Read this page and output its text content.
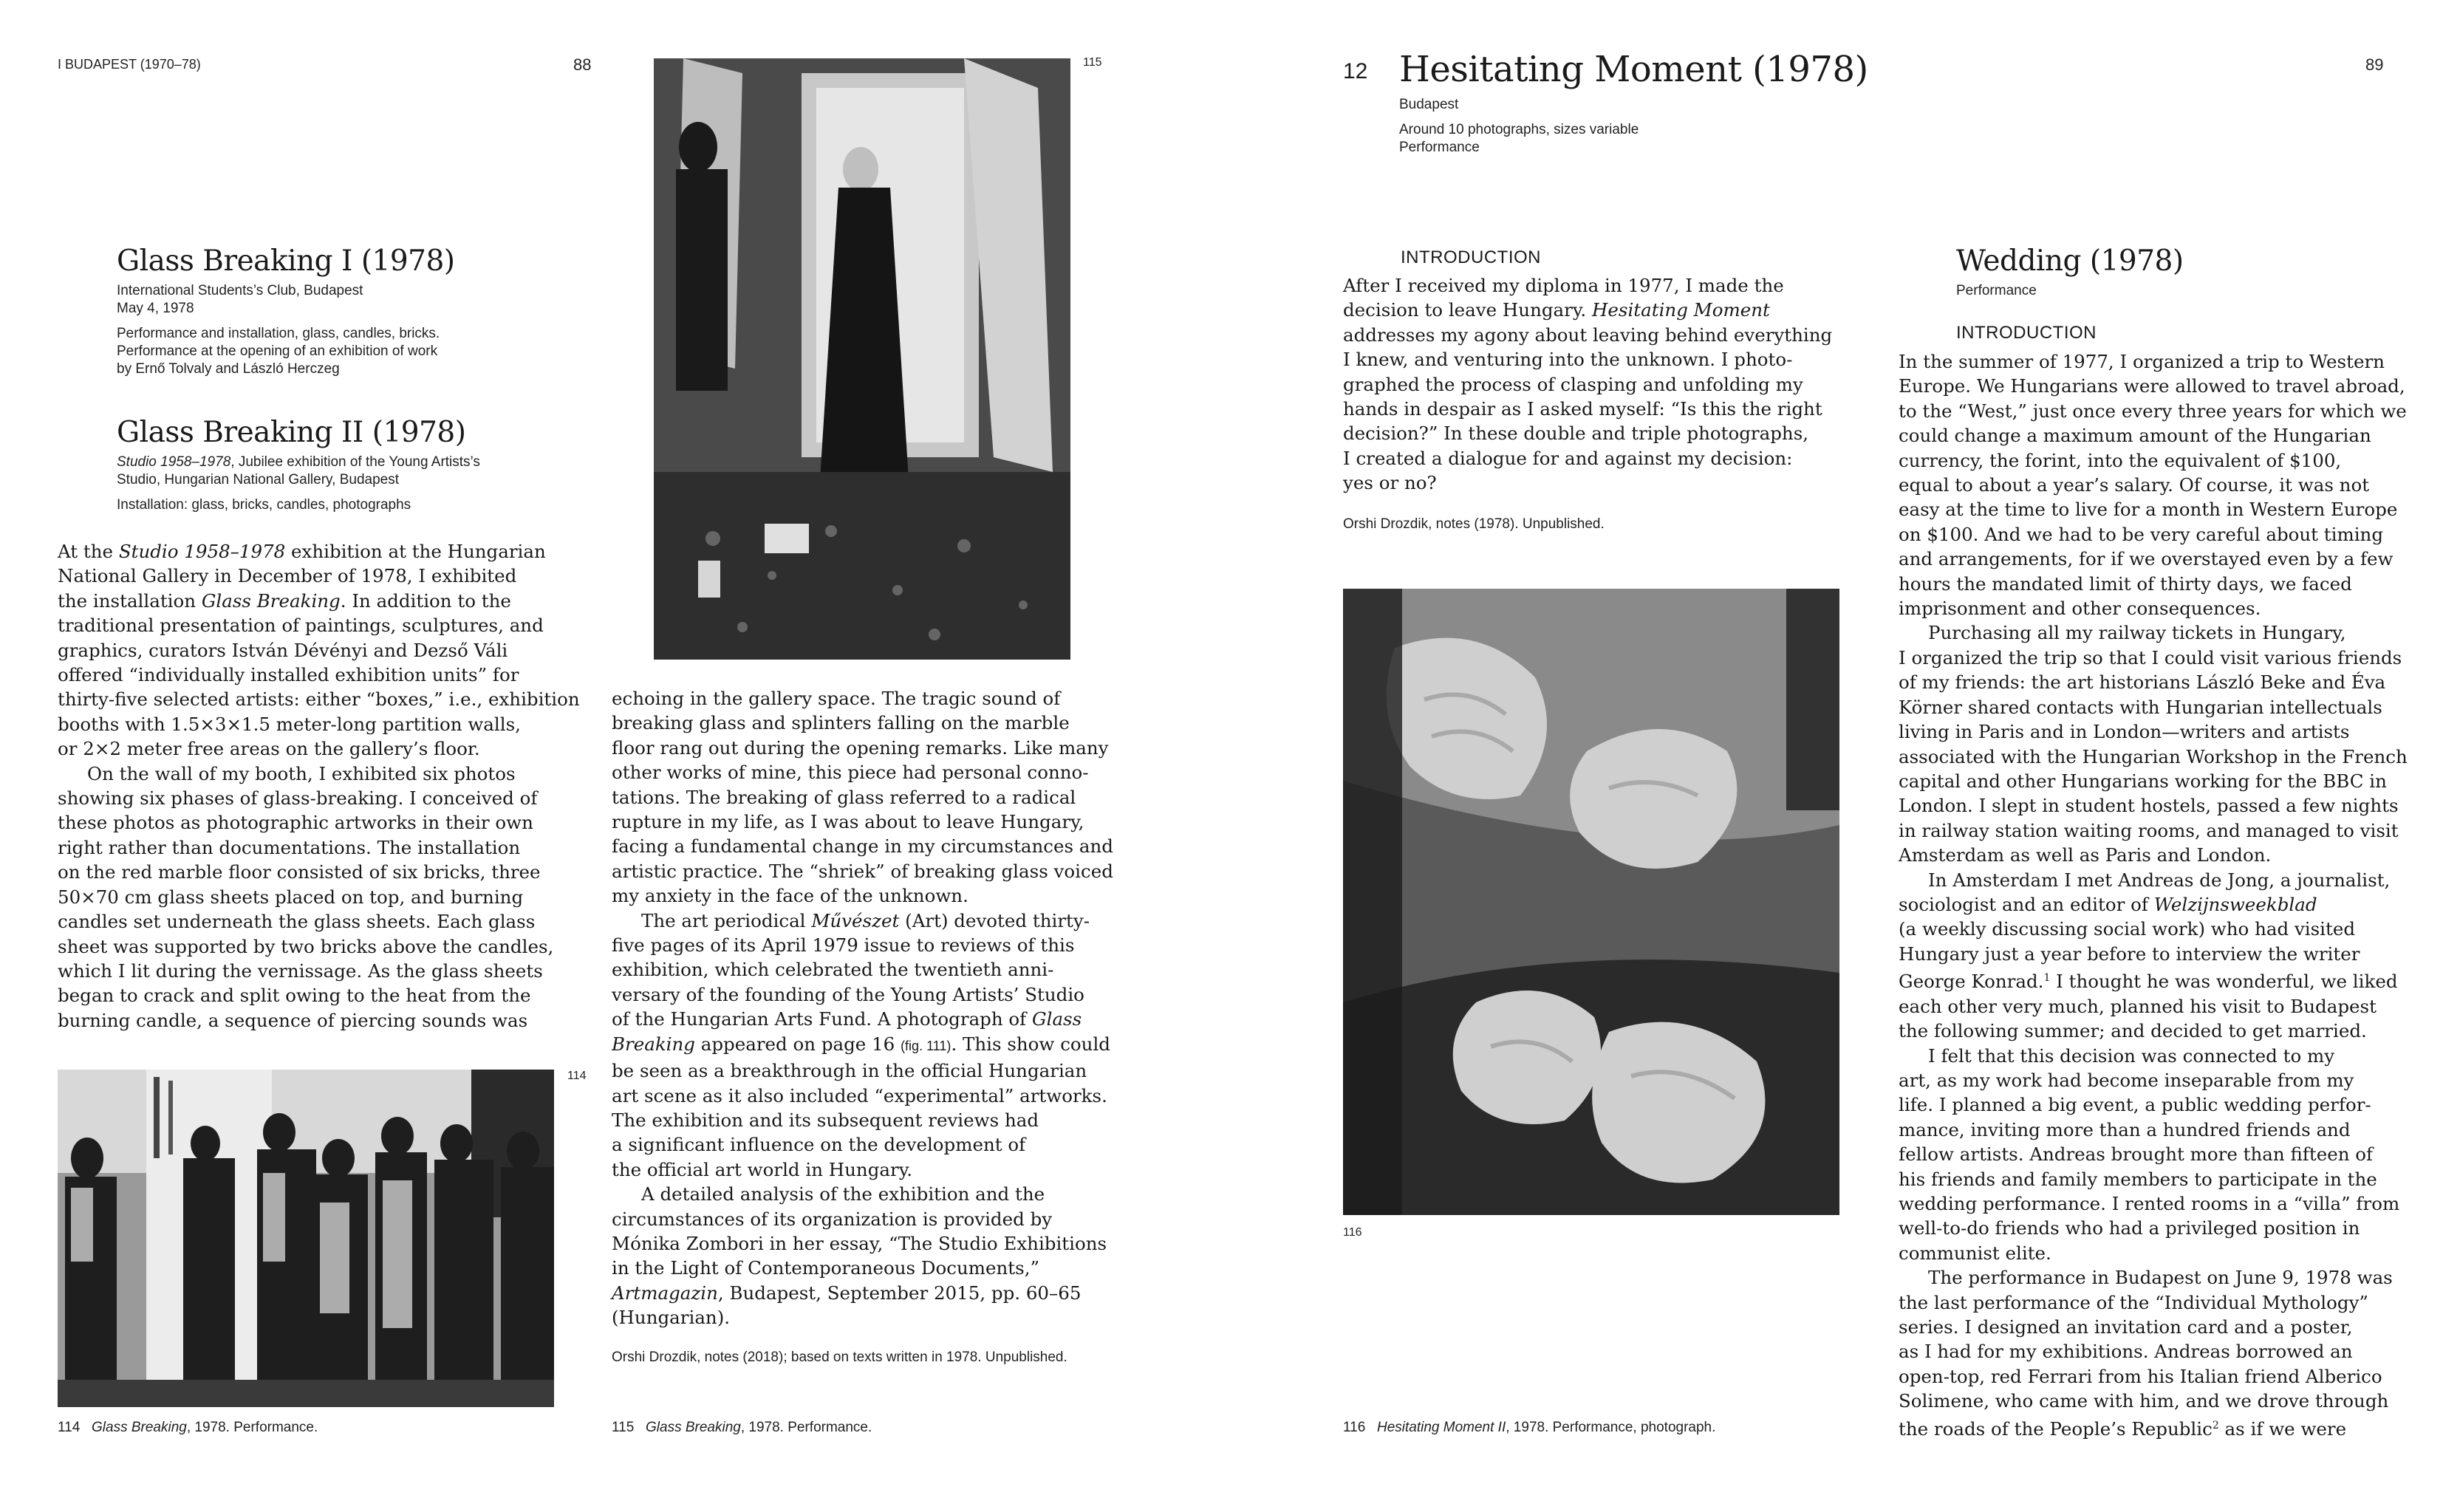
I BUDAPEST (1970–78)	88
Glass Breaking I (1978)

International Students’s Club, Budapest

May 4, 1978

Performance and installation, glass, candles, bricks.

Performance at the opening of an exhibition of work

by Ernő Tolvaly and László Herczeg

Glass Breaking II (1978)

Studio 1958–1978, Jubilee exhibition of the Young Artists’s

Studio, Hungarian National Gallery, Budapest

Installation: glass, bricks, candles, photographs

At the Studio 1958–1978 exhibition at the Hungarian
National Gallery in December of 1978, I exhibited
the installation Glass Breaking. In addition to the
traditional presentation of paintings, sculptures, and
graphics, curators István Dévényi and Dezső Váli
offered “individually installed exhibition units” for
thirty-five selected artists: either “boxes,” i.e., exhibition
booths with 1.5×3×1.5 meter-long partition walls,
or 2×2 meter free areas on the gallery’s floor.
On the wall of my booth, I exhibited six photos
showing six phases of glass-breaking. I conceived of
these photos as photographic artworks in their own
right rather than documentations. The installation
on the red marble floor consisted of six bricks, three
50×70 cm glass sheets placed on top, and burning
candles set underneath the glass sheets. Each glass
sheet was supported by two bricks above the candles,
which I lit during the vernissage. As the glass sheets
began to crack and split owing to the heat from the
burning candle, a sequence of piercing sounds was
114
114 Glass Breaking, 1978. Performance.
115
echoing in the gallery space. The tragic sound of
breaking glass and splinters falling on the marble
floor rang out during the opening remarks. Like many
other works of mine, this piece had personal conno-
tations. The breaking of glass referred to a radical
rupture in my life, as I was about to leave Hungary,
facing a fundamental change in my circumstances and
artistic practice. The “shriek” of breaking glass voiced
my anxiety in the face of the unknown.
The art periodical Művészet (Art) devoted thirty-
five pages of its April 1979 issue to reviews of this
exhibition, which celebrated the twentieth anni-
versary of the founding of the Young Artists’ Studio
of the Hungarian Arts Fund. A photograph of Glass
Breaking appeared on page 16 (fig. 111). This show could
be seen as a breakthrough in the official Hungarian
art scene as it also included “experimental” artworks.
The exhibition and its subsequent reviews had
a significant influence on the development of
the official art world in Hungary.
A detailed analysis of the exhibition and the
circumstances of its organization is provided by
Mónika Zombori in her essay, “The Studio Exhibitions
in the Light of Contemporaneous Documents,”
Artmagazin, Budapest, September 2015, pp. 60–65
(Hungarian).
Orshi Drozdik, notes (2018); based on texts written in 1978. Unpublished.
115 Glass Breaking, 1978. Performance.
89
12 Hesitating Moment (1978)

Budapest

Around 10 photographs, sizes variable

Performance

INTRODUCTION
After I received my diploma in 1977, I made the
decision to leave Hungary. Hesitating Moment
addresses my agony about leaving behind everything
I knew, and venturing into the unknown. I photo-
graphed the process of clasping and unfolding my
hands in despair as I asked myself: “Is this the right
decision?” In these double and triple photographs,
I created a dialogue for and against my decision:
yes or no?
Orshi Drozdik, notes (1978). Unpublished.
116
116 Hesitating Moment II, 1978. Performance, photograph.
Wedding (1978)

Performance

INTRODUCTION
In the summer of 1977, I organized a trip to Western
Europe. We Hungarians were allowed to travel abroad,
to the “West,” just once every three years for which we
could change a maximum amount of the Hungarian
currency, the forint, into the equivalent of $100,
equal to about a year’s salary. Of course, it was not
easy at the time to live for a month in Western Europe
on $100. And we had to be very careful about timing
and arrangements, for if we overstayed even by a few
hours the mandated limit of thirty days, we faced
imprisonment and other consequences.
Purchasing all my railway tickets in Hungary,
I organized the trip so that I could visit various friends
of my friends: the art historians László Beke and Éva
Körner shared contacts with Hungarian intellectuals
living in Paris and in London—writers and artists
associated with the Hungarian Workshop in the French
capital and other Hungarians working for the BBC in
London. I slept in student hostels, passed a few nights
in railway station waiting rooms, and managed to visit
Amsterdam as well as Paris and London.
In Amsterdam I met Andreas de Jong, a journalist,
sociologist and an editor of Welzijnsweekblad
(a weekly discussing social work) who had visited
Hungary just a year before to interview the writer
George Konrad.$^1$ I thought he was wonderful, we liked
each other very much, planned his visit to Budapest
the following summer; and decided to get married.
I felt that this decision was connected to my
art, as my work had become inseparable from my
life. I planned a big event, a public wedding perfor-
mance, inviting more than a hundred friends and
fellow artists. Andreas brought more than fifteen of
his friends and family members to participate in the
wedding performance. I rented rooms in a “villa” from
well-to-do friends who had a privileged position in
communist elite.
The performance in Budapest on June 9, 1978 was
the last performance of the “Individual Mythology”
series. I designed an invitation card and a poster,
as I had for my exhibitions. Andreas borrowed an
open-top, red Ferrari from his Italian friend Alberico
Solimene, who came with him, and we drove through
the roads of the People’s Republic$^2$ as if we were
